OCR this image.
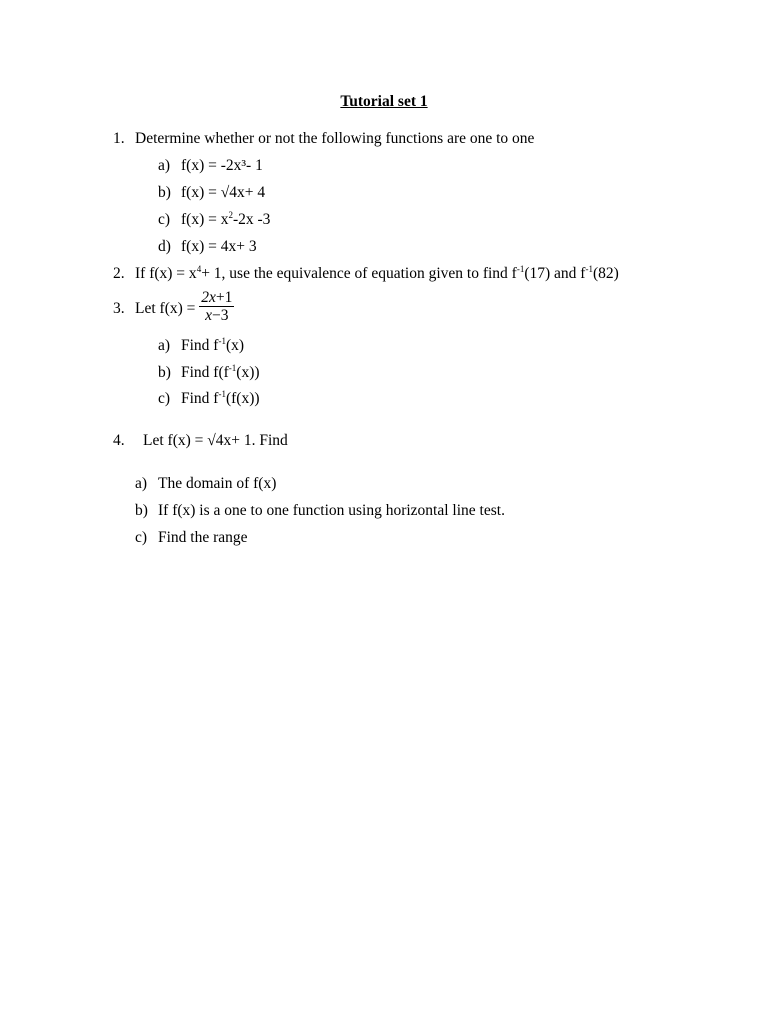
Tutorial set 1
1. Determine whether or not the following functions are one to one
a) f(x) = -2x³- 1
b) f(x) = √4x+ 4
c) $f(x) = x^2-2x$ -3
d) f(x) = 4x+ 3
2. If $f(x) = x^4+ 1$, use the equivalence of equation given to find $f^{-1}(17)$ and $f^{-1}(82)$
3. Let $f(x) = \frac{2x+1}{x-3}$
a) Find $f^{-1}(x)$
b) Find $f(f^{-1}(x))$
c) Find $f^{-1}(f(x))$
4. Let f(x) = √4x+ 1. Find
a) The domain of f(x)
b) If f(x) is a one to one function using horizontal line test.
c) Find the range
